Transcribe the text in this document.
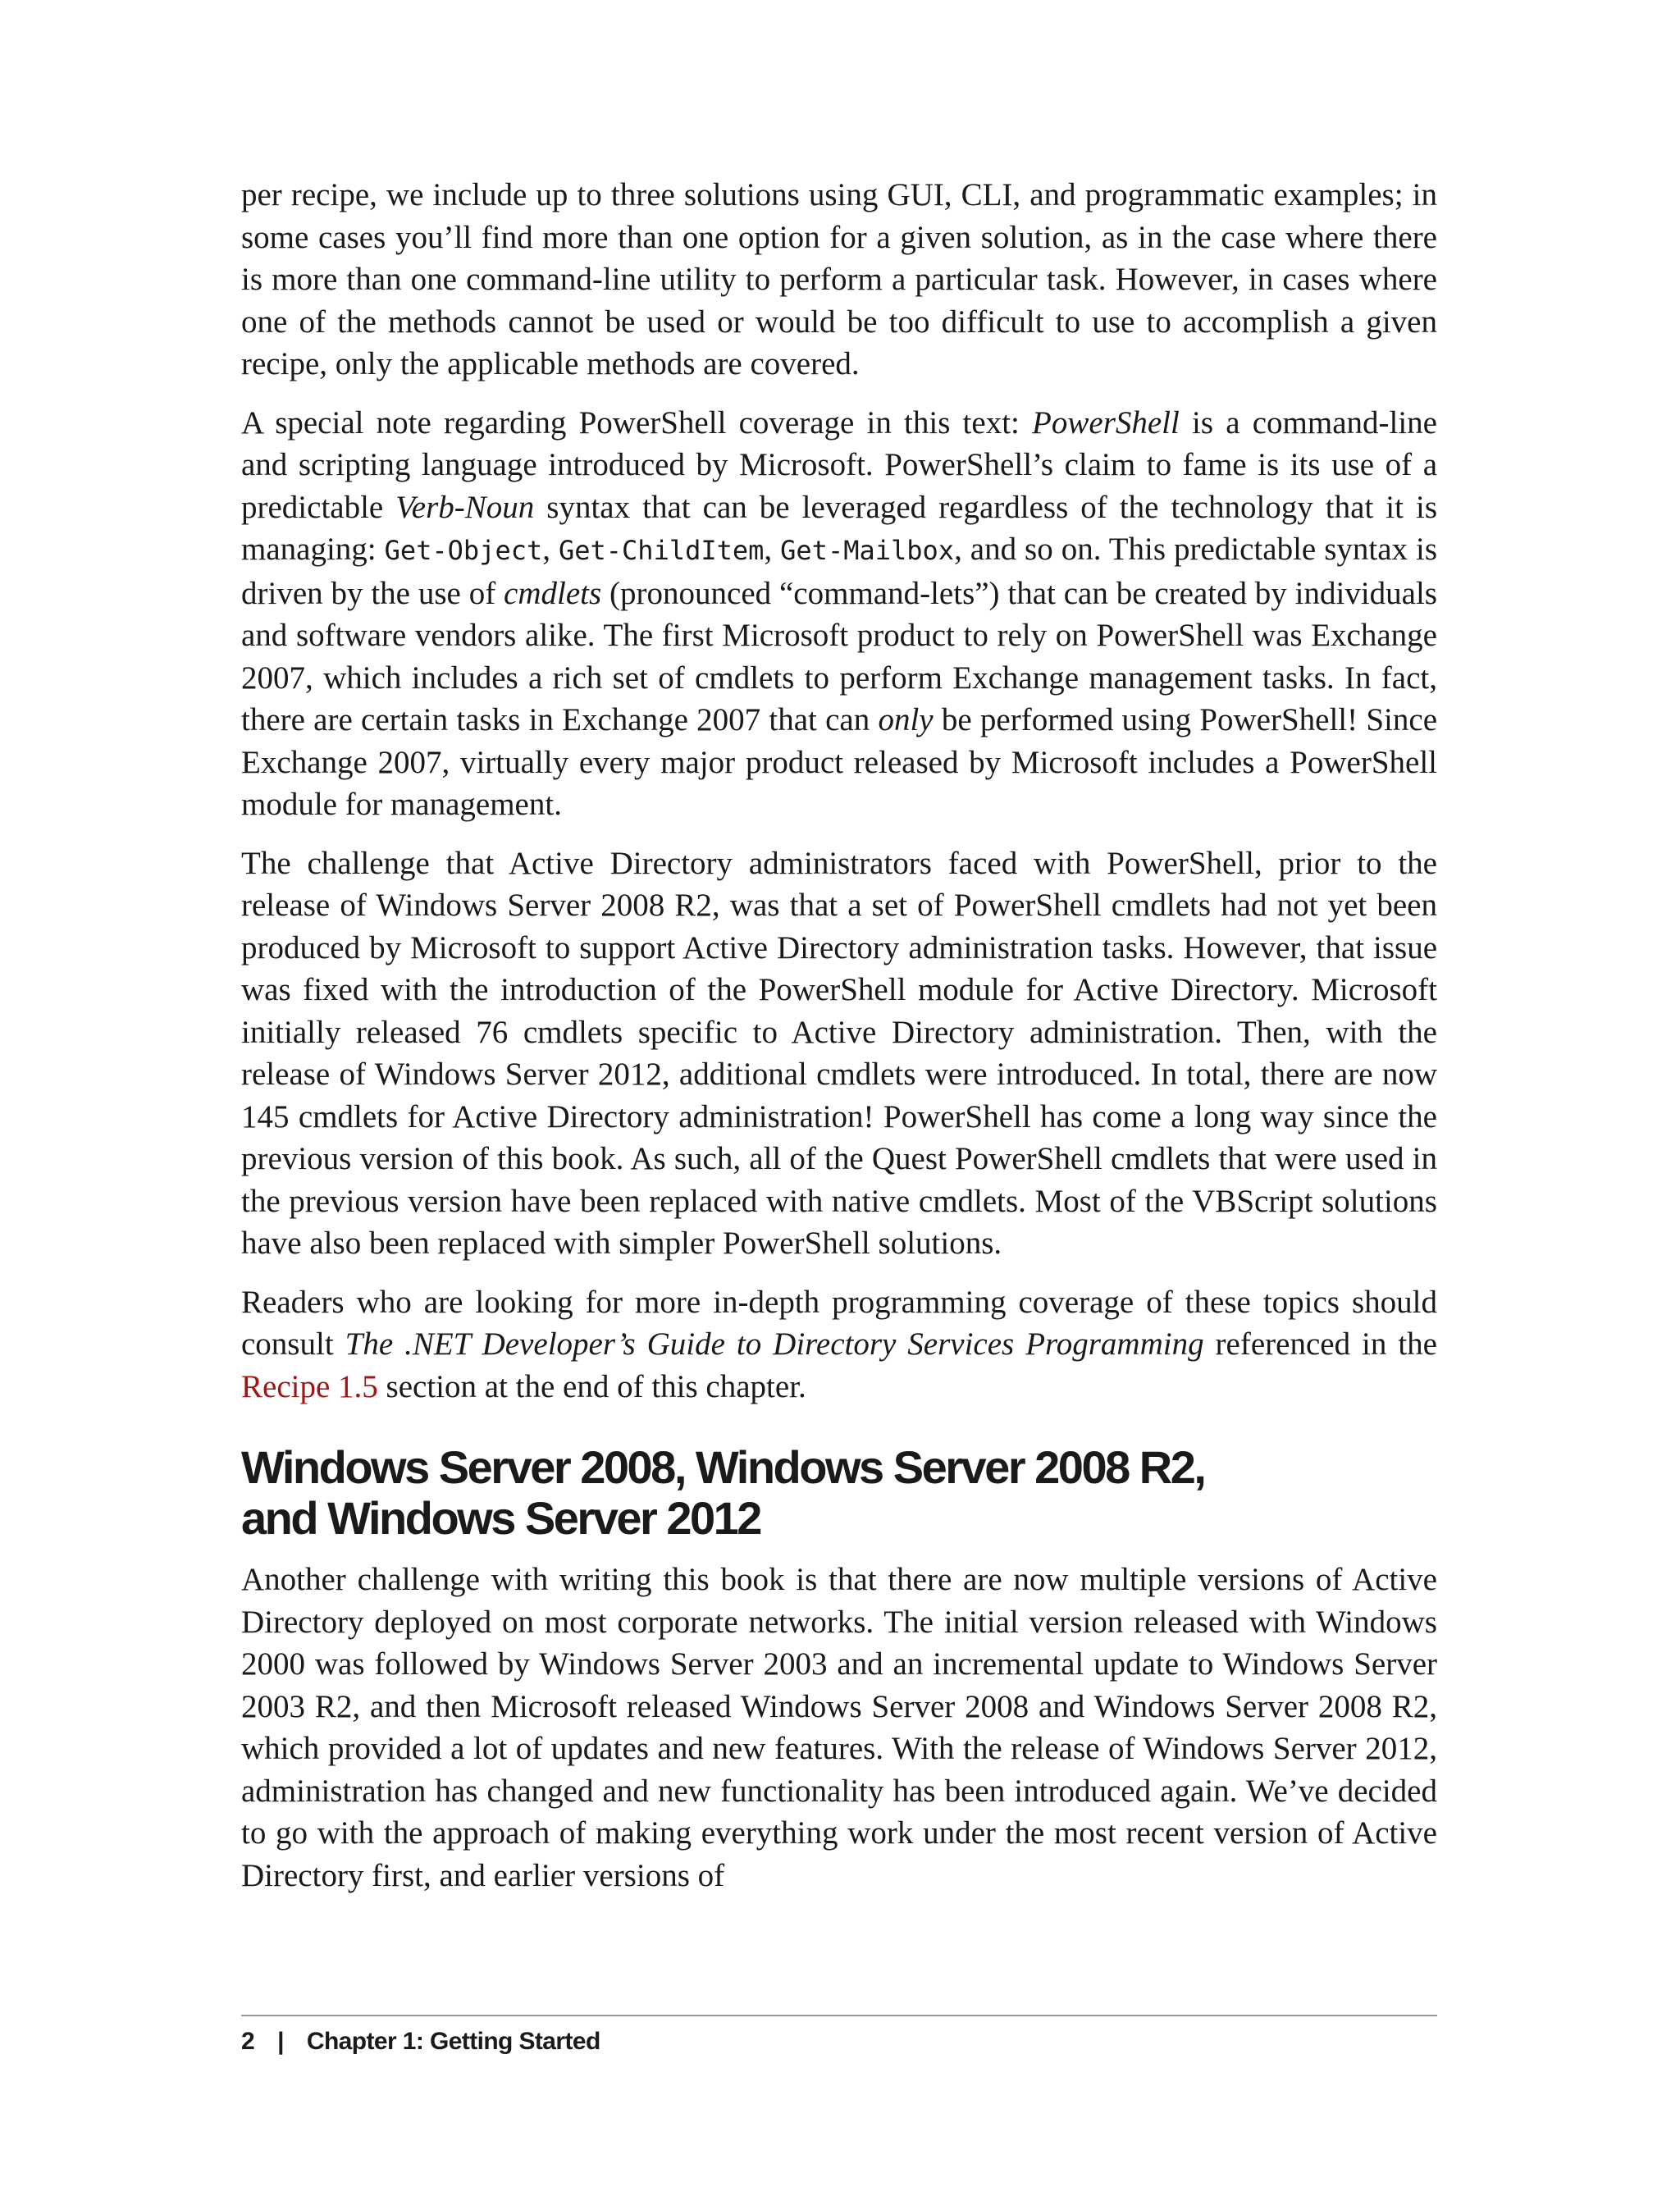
per recipe, we include up to three solutions using GUI, CLI, and programmatic examples; in some cases you’ll find more than one option for a given solution, as in the case where there is more than one command-line utility to perform a particular task. However, in cases where one of the methods cannot be used or would be too difficult to use to accomplish a given recipe, only the applicable methods are covered.

A special note regarding PowerShell coverage in this text: PowerShell is a command-line and scripting language introduced by Microsoft. PowerShell’s claim to fame is its use of a predictable Verb-Noun syntax that can be leveraged regardless of the technology that it is managing: Get-Object, Get-ChildItem, Get-Mailbox, and so on. This predictable syntax is driven by the use of cmdlets (pronounced “command-lets”) that can be created by individuals and software vendors alike. The first Microsoft product to rely on PowerShell was Exchange 2007, which includes a rich set of cmdlets to perform Exchange management tasks. In fact, there are certain tasks in Exchange 2007 that can only be performed using PowerShell! Since Exchange 2007, virtually every major product released by Microsoft includes a PowerShell module for management.

The challenge that Active Directory administrators faced with PowerShell, prior to the release of Windows Server 2008 R2, was that a set of PowerShell cmdlets had not yet been produced by Microsoft to support Active Directory administration tasks. However, that issue was fixed with the introduction of the PowerShell module for Active Directory. Microsoft initially released 76 cmdlets specific to Active Directory administration. Then, with the release of Windows Server 2012, additional cmdlets were introduced. In total, there are now 145 cmdlets for Active Directory administration! PowerShell has come a long way since the previous version of this book. As such, all of the Quest PowerShell cmdlets that were used in the previous version have been replaced with native cmdlets. Most of the VBScript solutions have also been replaced with simpler PowerShell solutions.

Readers who are looking for more in-depth programming coverage of these topics should consult The .NET Developer’s Guide to Directory Services Programming referenced in the Recipe 1.5 section at the end of this chapter.

Windows Server 2008, Windows Server 2008 R2,
and Windows Server 2012

Another challenge with writing this book is that there are now multiple versions of Active Directory deployed on most corporate networks. The initial version released with Windows 2000 was followed by Windows Server 2003 and an incremental update to Windows Server 2003 R2, and then Microsoft released Windows Server 2008 and Windows Server 2008 R2, which provided a lot of updates and new features. With the release of Windows Server 2012, administration has changed and new functionality has been introduced again. We’ve decided to go with the approach of making everything work under the most recent version of Active Directory first, and earlier versions of

2 | Chapter 1: Getting Started
